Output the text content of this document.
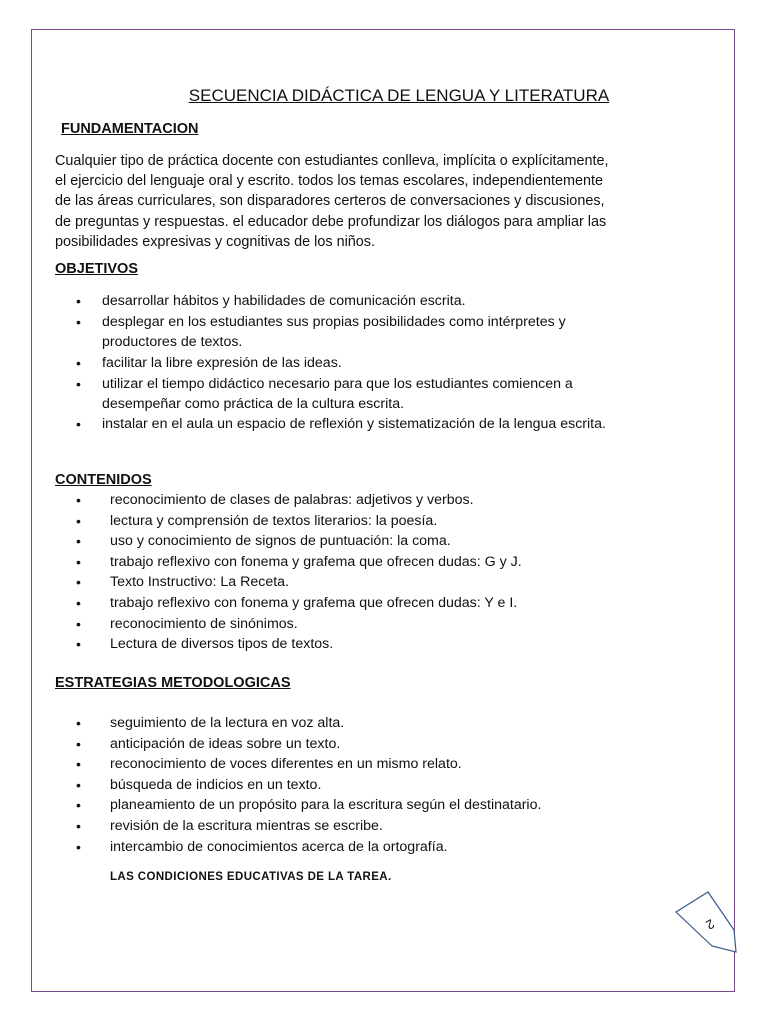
SECUENCIA DIDÁCTICA DE LENGUA Y LITERATURA
FUNDAMENTACION
Cualquier tipo de práctica docente con estudiantes conlleva, implícita o explícitamente,
el ejercicio del lenguaje oral y escrito. todos los temas escolares, independientemente
de las áreas curriculares, son disparadores certeros de conversaciones y discusiones,
de preguntas y respuestas. el educador debe profundizar los diálogos para ampliar las
posibilidades expresivas y cognitivas de los niños.
OBJETIVOS
• desarrollar hábitos y habilidades de comunicación escrita.
• desplegar en los estudiantes sus propias posibilidades como intérpretes y productores de textos.
• facilitar la libre expresión de las ideas.
• utilizar el tiempo didáctico necesario para que los estudiantes comiencen a desempeñar como práctica de la cultura escrita.
• instalar en el aula un espacio de reflexión y sistematización de la lengua escrita.
CONTENIDOS
• reconocimiento de clases de palabras: adjetivos y verbos.
• lectura y comprensión de textos literarios: la poesía.
• uso y conocimiento de signos de puntuación: la coma.
• trabajo reflexivo con fonema y grafema que ofrecen dudas: G y J.
• Texto Instructivo: La Receta.
• trabajo reflexivo con fonema y grafema que ofrecen dudas: Y e I.
• reconocimiento de sinónimos.
• Lectura de diversos tipos de textos.
ESTRATEGIAS METODOLOGICAS
• seguimiento de la lectura en voz alta.
• anticipación de ideas sobre un texto.
• reconocimiento de voces diferentes en un mismo relato.
• búsqueda de indicios en un texto.
• planeamiento de un propósito para la escritura según el destinatario.
• revisión de la escritura mientras se escribe.
• intercambio de conocimientos acerca de la ortografía.
LAS CONDICIONES EDUCATIVAS DE LA TAREA.
2
